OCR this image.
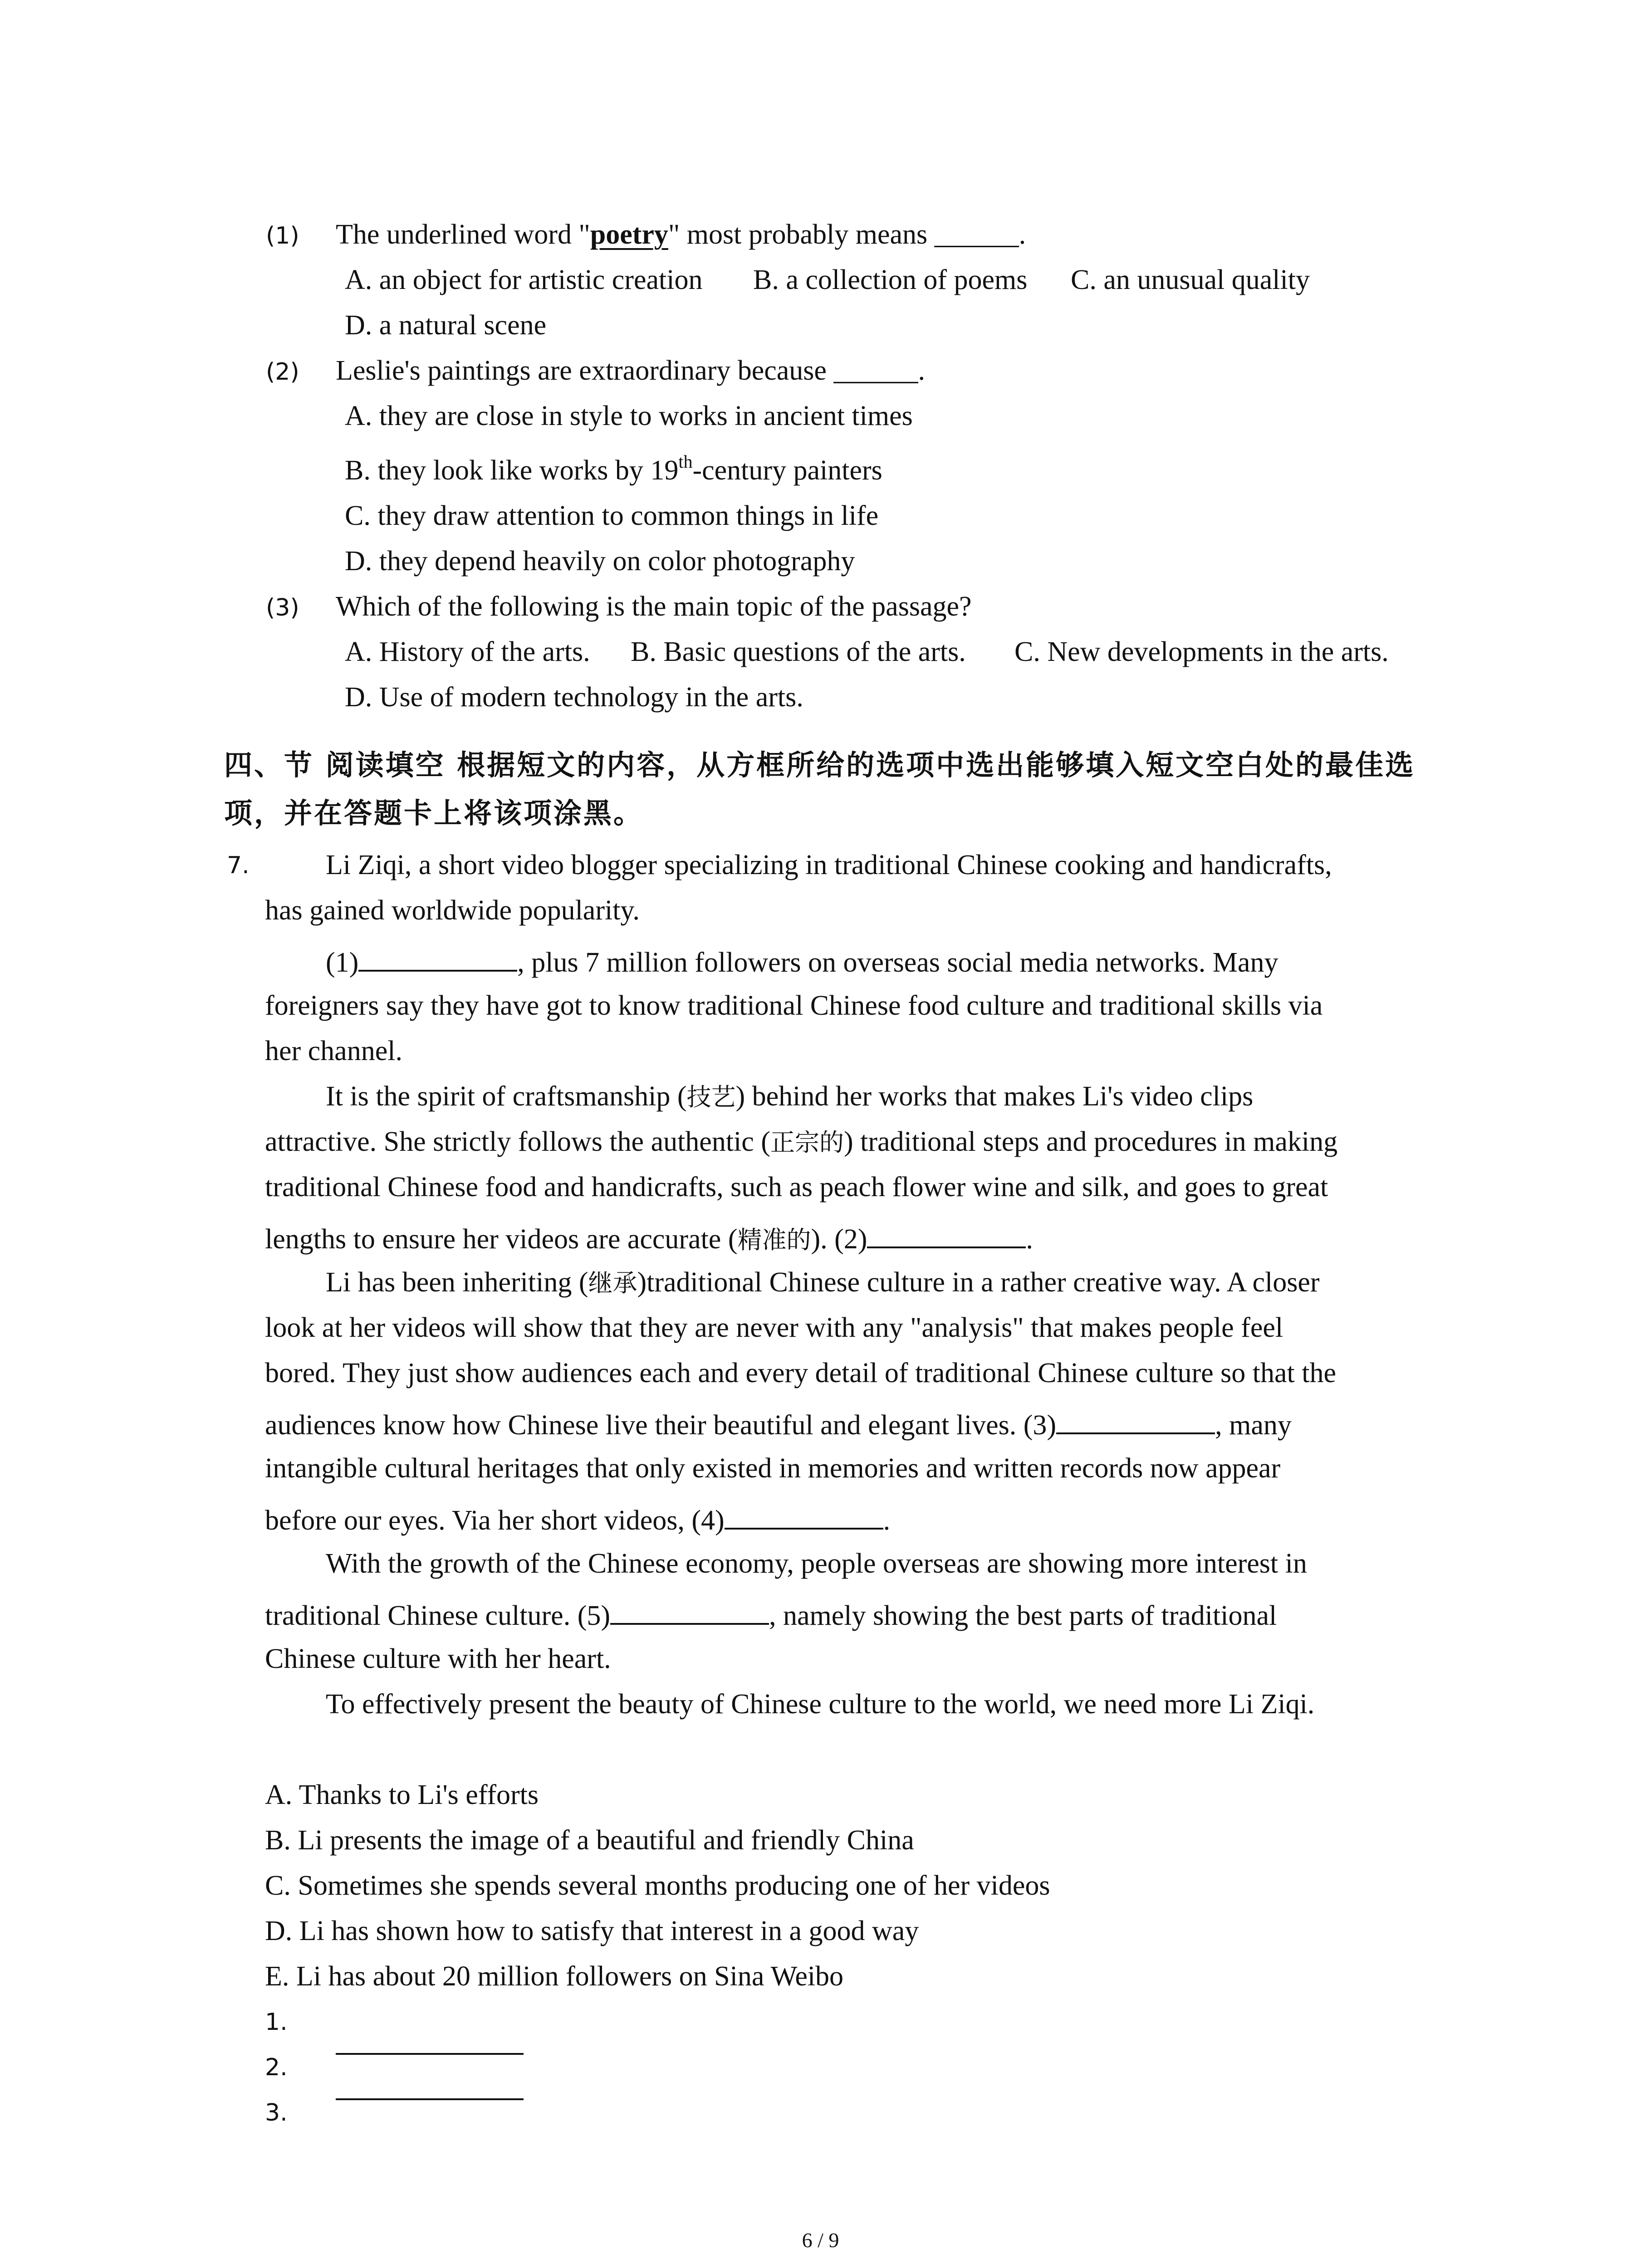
(1) The underlined word "poetry" most probably means ______.
A. an object for artistic creation B. a collection of poems C. an unusual quality
D. a natural scene
(2) Leslie's paintings are extraordinary because ______.
A. they are close in style to works in ancient times
B. they look like works by 19th-century painters
C. they draw attention to common things in life
D. they depend heavily on color photography
(3) Which of the following is the main topic of the passage?
A. History of the arts. B. Basic questions of the arts. C. New developments in the arts.
D. Use of modern technology in the arts.
四、节 阅读填空 根据短文的内容，从方框所给的选项中选出能够填入短文空白处的最佳选
项，并在答题卡上将该项涂黑。
7.	Li Ziqi, a short video blogger specializing in traditional Chinese cooking and handicrafts,
has gained worldwide popularity.
(1)	, plus 7 million followers on overseas social media networks. Many
foreigners say they have got to know traditional Chinese food culture and traditional skills via
her channel.
It is the spirit of craftsmanship (技艺) behind her works that makes Li's video clips
attractive. She strictly follows the authentic (正宗的) traditional steps and procedures in making
traditional Chinese food and handicrafts, such as peach flower wine and silk, and goes to great
lengths to ensure her videos are accurate (精准的). (2)	.
Li has been inheriting (继承)traditional Chinese culture in a rather creative way. A closer
look at her videos will show that they are never with any "analysis" that makes people feel
bored. They just show audiences each and every detail of traditional Chinese culture so that the
audiences know how Chinese live their beautiful and elegant lives. (3)	, many
intangible cultural heritages that only existed in memories and written records now appear
before our eyes. Via her short videos, (4)	.
With the growth of the Chinese economy, people overseas are showing more interest in
traditional Chinese culture. (5)	, namely showing the best parts of traditional
Chinese culture with her heart.
To effectively present the beauty of Chinese culture to the world, we need more Li Ziqi.
A. Thanks to Li's efforts
B. Li presents the image of a beautiful and friendly China
C. Sometimes she spends several months producing one of her videos
D. Li has shown how to satisfy that interest in a good way
E. Li has about 20 million followers on Sina Weibo
1.
2.
3.
6 / 9
